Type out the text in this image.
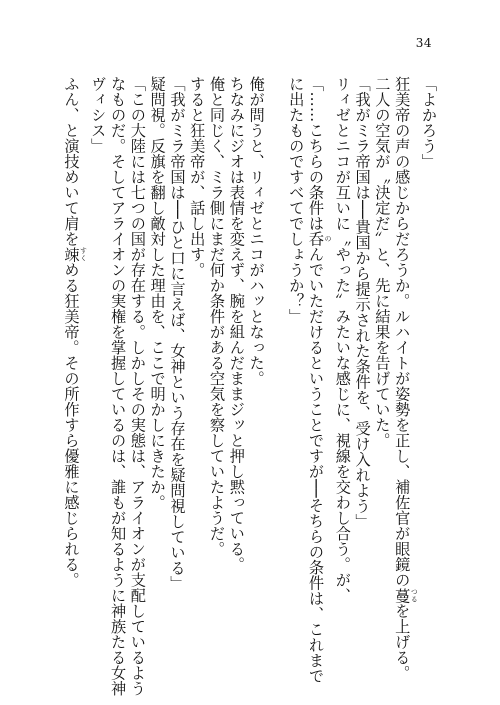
34
「よかろう」
狂美帝の声の感じからだろうか。ルハイトが姿勢を正し、補佐官が眼鏡の蔓 つるを上げる。
二人の空気が〝決定だ〟と、先に結果を告げていた。
「我がミラ帝国は──貴国から提示された条件を、受け入れよう」
リィゼとニコが互いに〝やった〟みたいな感じに、視線を交わし合う。が、
「……こちらの条件は呑 のんでいただけるということですが──そちらの条件は、これまで
に出たものですべてでしょうか？」
俺が問うと、リィゼとニコがハッとなった。
ちなみにジオは表情を変えず、腕を組んだままジッと押し黙っている。
俺と同じく、ミラ側にまだ何か条件がある空気を察していたようだ。
すると狂美帝が、話し出す。
「我がミラ帝国は──ひと口に言えば、女神という存在を疑問視している」
疑問視。反旗を翻し敵対した理由を、ここで明かしにきたか。
「この大陸には七つの国が存在する。しかしその実態は、アライオンが支配しているよう
なものだ。そしてアライオンの実権を掌握しているのは、誰もが知るように神族たる女神
ヴィシス」
ふん、と演技めいて肩を竦 すくめる狂美帝。その所作すら優雅に感じられる。
